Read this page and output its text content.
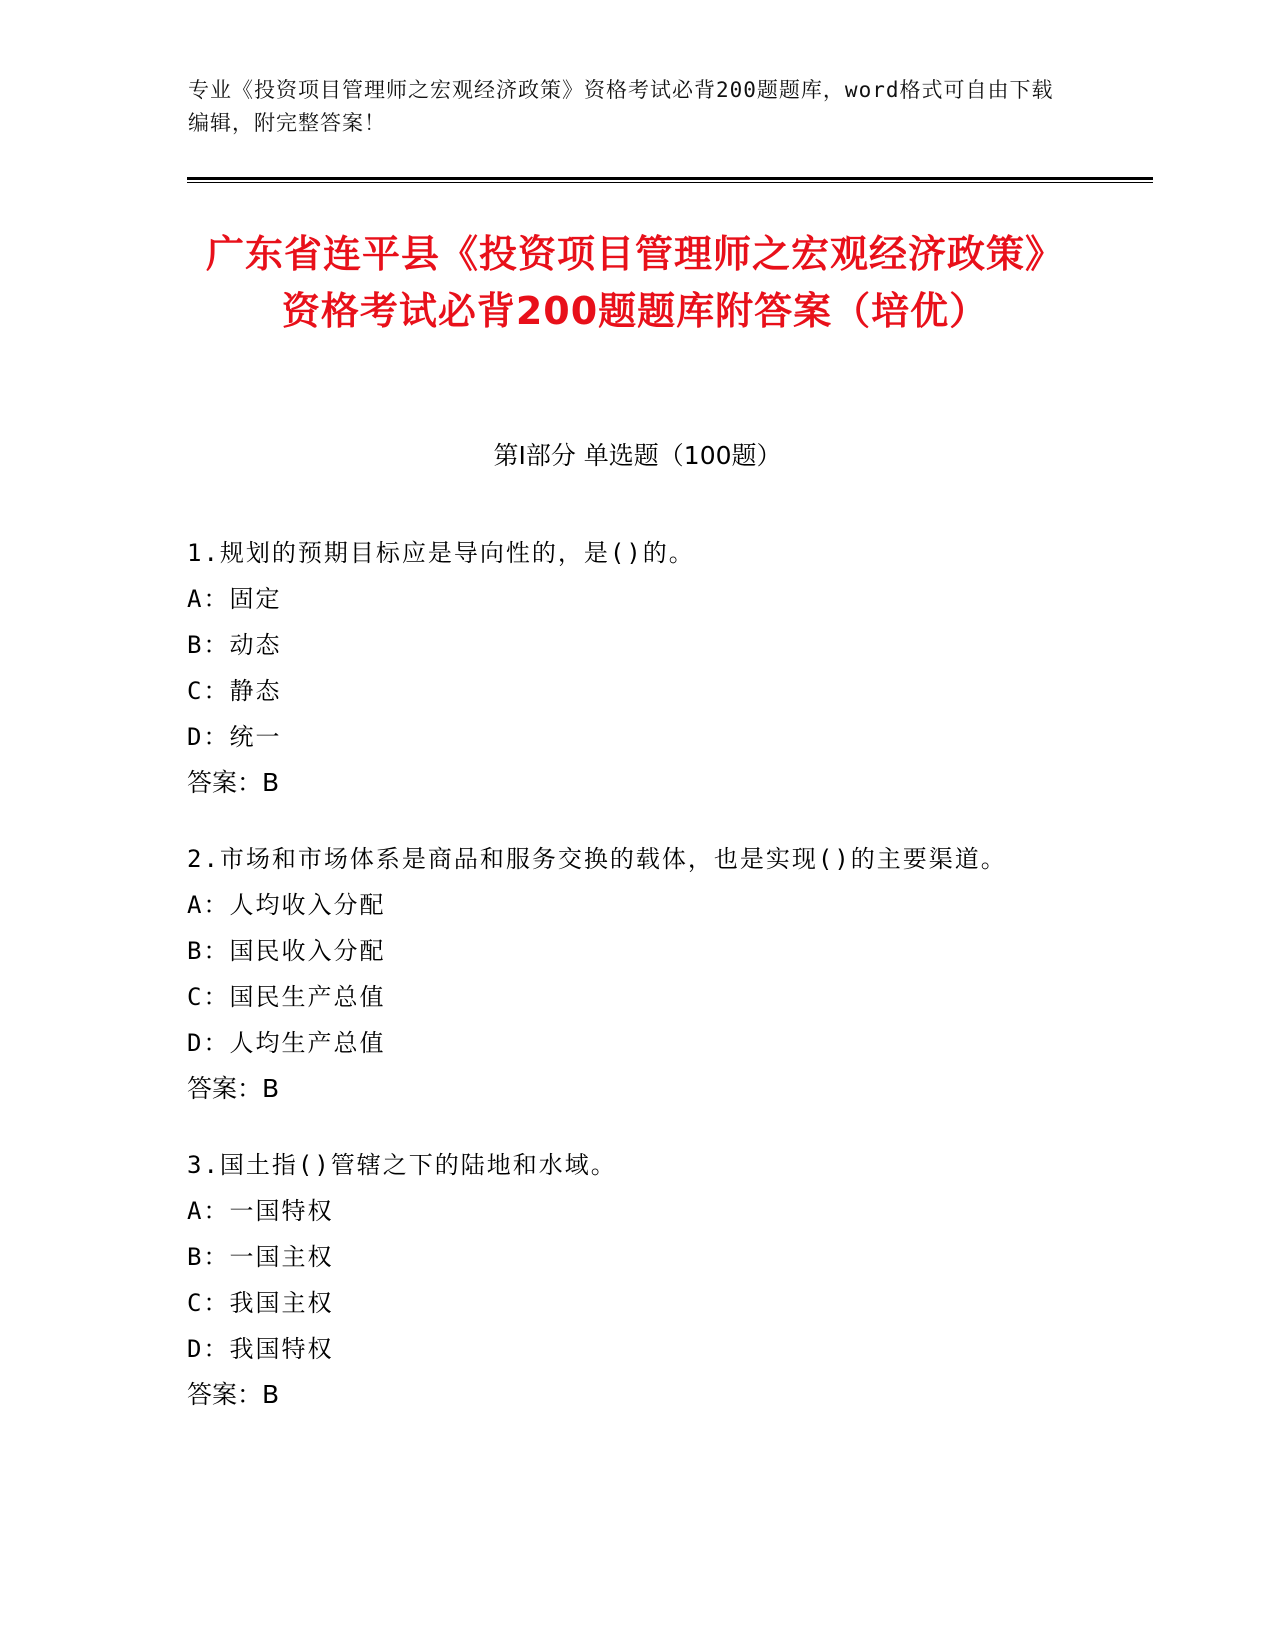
专业《投资项目管理师之宏观经济政策》资格考试必背200题题库，word格式可自由下载编辑，附完整答案！
广东省连平县《投资项目管理师之宏观经济政策》资格考试必背200题题库附答案（培优）
第Ⅰ部分 单选题（100题）
1.规划的预期目标应是导向性的，是()的。
A：固定
B：动态
C：静态
D：统一
答案：B
2.市场和市场体系是商品和服务交换的载体，也是实现()的主要渠道。
A：人均收入分配
B：国民收入分配
C：国民生产总值
D：人均生产总值
答案：B
3.国土指()管辖之下的陆地和水域。
A：一国特权
B：一国主权
C：我国主权
D：我国特权
答案：B
